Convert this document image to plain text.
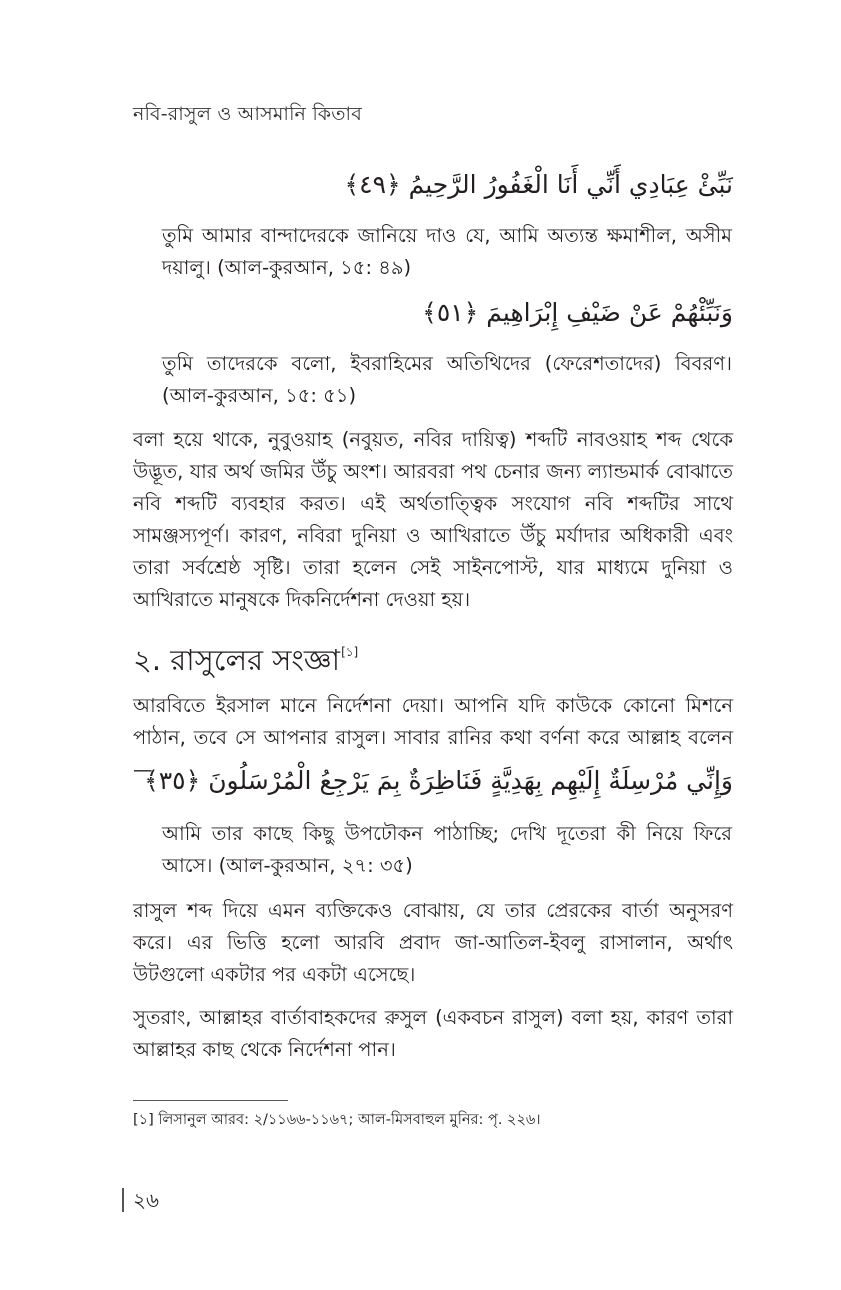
নবি-রাসুল ও আসমানি কিতাব
نَبِّئْ عِبَادِي أَنِّي أَنَا الْغَفُورُ الرَّحِيمُ ﴿٤٩﴾

তুমি আমার বান্দাদেরকে জানিয়ে দাও যে, আমি অত্যন্ত ক্ষমাশীল, অসীম দয়ালু। (আল-কুরআন, ১৫: ৪৯)

وَنَبِّئْهُمْ عَنْ ضَيْفِ إِبْرَاهِيمَ ﴿٥١﴾

তুমি তাদেরকে বলো, ইবরাহিমের অতিথিদের (ফেরেশতাদের) বিবরণ। (আল-কুরআন, ১৫: ৫১)

বলা হয়ে থাকে, নুবুওয়াহ (নবুয়ত, নবির দায়িত্ব) শব্দটি নাবওয়াহ শব্দ থেকে উদ্ভূত, যার অর্থ জমির উঁচু অংশ। আরবরা পথ চেনার জন্য ল্যান্ডমার্ক বোঝাতে নবি শব্দটি ব্যবহার করত। এই অর্থতাত্ত্বিক সংযোগ নবি শব্দটির সাথে সামঞ্জস্যপূর্ণ। কারণ, নবিরা দুনিয়া ও আখিরাতে উঁচু মর্যাদার অধিকারী এবং তারা সর্বশ্রেষ্ঠ সৃষ্টি। তারা হলেন সেই সাইনপোস্ট, যার মাধ্যমে দুনিয়া ও আখিরাতে মানুষকে দিকনির্দেশনা দেওয়া হয়।

২. রাসুলের সংজ্ঞা[১]

আরবিতে ইরসাল মানে নির্দেশনা দেয়া। আপনি যদি কাউকে কোনো মিশনে পাঠান, তবে সে আপনার রাসুল। সাবার রানির কথা বর্ণনা করে আল্লাহ বলেন—

وَإِنِّي مُرْسِلَةٌ إِلَيْهِم بِهَدِيَّةٍ فَنَاظِرَةٌ بِمَ يَرْجِعُ الْمُرْسَلُونَ ﴿٣٥﴾

আমি তার কাছে কিছু উপঢৌকন পাঠাচ্ছি; দেখি দূতেরা কী নিয়ে ফিরে আসে। (আল-কুরআন, ২৭: ৩৫)

রাসুল শব্দ দিয়ে এমন ব্যক্তিকেও বোঝায়, যে তার প্রেরকের বার্তা অনুসরণ করে। এর ভিত্তি হলো আরবি প্রবাদ জা-আতিল-ইবলু রাসালান, অর্থাৎ উটগুলো একটার পর একটা এসেছে।

সুতরাং, আল্লাহর বার্তাবাহকদের রুসুল (একবচন রাসুল) বলা হয়, কারণ তারা আল্লাহর কাছ থেকে নির্দেশনা পান।

[১] লিসানুল আরব: ২/১১৬৬-১১৬৭; আল-মিসবাহুল মুনির: পৃ. ২২৬।
২৬
